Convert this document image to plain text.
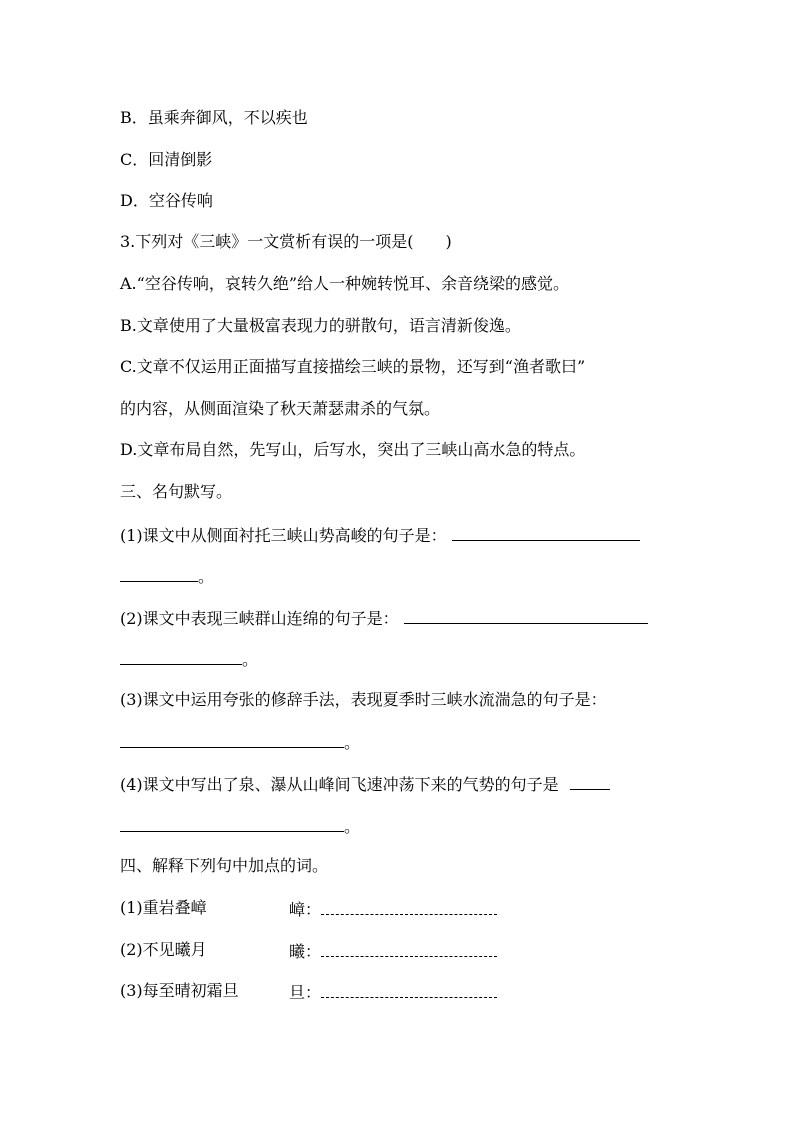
B．虽乘奔御风，不以疾也
C．回清倒影
D．空谷传响
3.下列对《三峡》一文赏析有误的一项是(　　)
A.“空谷传响，哀转久绝”给人一种婉转悦耳、余音绕梁的感觉。
B.文章使用了大量极富表现力的骈散句，语言清新俊逸。
C.文章不仅运用正面描写直接描绘三峡的景物，还写到“渔者歌曰”
的内容，从侧面渲染了秋天萧瑟肃杀的气氛。
D.文章布局自然，先写山，后写水，突出了三峡山高水急的特点。
三、名句默写。
(1)课文中从侧面衬托三峡山势高峻的句子是：
。
(2)课文中表现三峡群山连绵的句子是：
。
(3)课文中运用夸张的修辞手法，表现夏季时三峡水流湍急的句子是：
。
(4)课文中写出了泉、瀑从山峰间飞速冲荡下来的气势的句子是
。
四、解释下列句中加点的词。
(1)重岩叠嶂	嶂：
(2)不见曦月	曦：
(3)每至晴初霜旦	旦：
